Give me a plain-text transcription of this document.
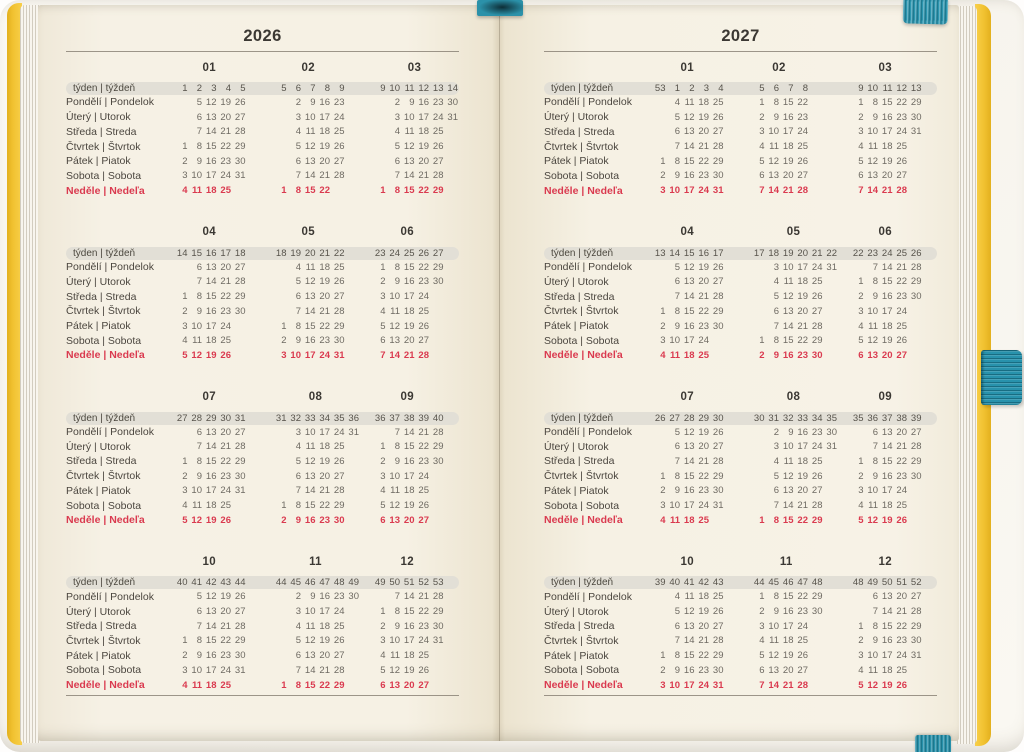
2026
01	02	03
týden | týždeň	1 2 3 4 5	5 6 7 8 9	9 10 11 12 13 14
Pondělí | Pondelok	5 12 19 26	2 9 16 23	2 9 16 23 30
Úterý | Utorok	6 13 20 27	3 10 17 24	3 10 17 24 31
Středa | Streda	7 14 21 28	4 11 18 25	4 11 18 25
Čtvrtek | Štvrtok	1 8 15 22 29	5 12 19 26	5 12 19 26
Pátek | Piatok	2 9 16 23 30	6 13 20 27	6 13 20 27
Sobota | Sobota	3 10 17 24 31	7 14 21 28	7 14 21 28
Neděle | Nedeľa	4 11 18 25	1 8 15 22	1 8 15 22 29
04	05	06
týden | týždeň	14 15 16 17 18	18 19 20 21 22	23 24 25 26 27
Pondělí | Pondelok	6 13 20 27	4 11 18 25	1 8 15 22 29
Úterý | Utorok	7 14 21 28	5 12 19 26	2 9 16 23 30
Středa | Streda	1 8 15 22 29	6 13 20 27	3 10 17 24
Čtvrtek | Štvrtok	2 9 16 23 30	7 14 21 28	4 11 18 25
Pátek | Piatok	3 10 17 24	1 8 15 22 29	5 12 19 26
Sobota | Sobota	4 11 18 25	2 9 16 23 30	6 13 20 27
Neděle | Nedeľa	5 12 19 26	3 10 17 24 31	7 14 21 28
07	08	09
týden | týždeň	27 28 29 30 31	31 32 33 34 35 36	36 37 38 39 40
Pondělí | Pondelok	6 13 20 27	3 10 17 24 31	7 14 21 28
Úterý | Utorok	7 14 21 28	4 11 18 25	1 8 15 22 29
Středa | Streda	1 8 15 22 29	5 12 19 26	2 9 16 23 30
Čtvrtek | Štvrtok	2 9 16 23 30	6 13 20 27	3 10 17 24
Pátek | Piatok	3 10 17 24 31	7 14 21 28	4 11 18 25
Sobota | Sobota	4 11 18 25	1 8 15 22 29	5 12 19 26
Neděle | Nedeľa	5 12 19 26	2 9 16 23 30	6 13 20 27
10	11	12
týden | týždeň	40 41 42 43 44	44 45 46 47 48 49	49 50 51 52 53
Pondělí | Pondelok	5 12 19 26	2 9 16 23 30	7 14 21 28
Úterý | Utorok	6 13 20 27	3 10 17 24	1 8 15 22 29
Středa | Streda	7 14 21 28	4 11 18 25	2 9 16 23 30
Čtvrtek | Štvrtok	1 8 15 22 29	5 12 19 26	3 10 17 24 31
Pátek | Piatok	2 9 16 23 30	6 13 20 27	4 11 18 25
Sobota | Sobota	3 10 17 24 31	7 14 21 28	5 12 19 26
Neděle | Nedeľa	4 11 18 25	1 8 15 22 29	6 13 20 27
2027
01	02	03
týden | týždeň	53 1 2 3 4	5 6 7 8	9 10 11 12 13
Pondělí | Pondelok	4 11 18 25	1 8 15 22	1 8 15 22 29
Úterý | Utorok	5 12 19 26	2 9 16 23	2 9 16 23 30
Středa | Streda	6 13 20 27	3 10 17 24	3 10 17 24 31
Čtvrtek | Štvrtok	7 14 21 28	4 11 18 25	4 11 18 25
Pátek | Piatok	1 8 15 22 29	5 12 19 26	5 12 19 26
Sobota | Sobota	2 9 16 23 30	6 13 20 27	6 13 20 27
Neděle | Nedeľa	3 10 17 24 31	7 14 21 28	7 14 21 28
04	05	06
týden | týždeň	13 14 15 16 17	17 18 19 20 21 22	22 23 24 25 26
Pondělí | Pondelok	5 12 19 26	3 10 17 24 31	7 14 21 28
Úterý | Utorok	6 13 20 27	4 11 18 25	1 8 15 22 29
Středa | Streda	7 14 21 28	5 12 19 26	2 9 16 23 30
Čtvrtek | Štvrtok	1 8 15 22 29	6 13 20 27	3 10 17 24
Pátek | Piatok	2 9 16 23 30	7 14 21 28	4 11 18 25
Sobota | Sobota	3 10 17 24	1 8 15 22 29	5 12 19 26
Neděle | Nedeľa	4 11 18 25	2 9 16 23 30	6 13 20 27
07	08	09
týden | týždeň	26 27 28 29 30	30 31 32 33 34 35	35 36 37 38 39
Pondělí | Pondelok	5 12 19 26	2 9 16 23 30	6 13 20 27
Úterý | Utorok	6 13 20 27	3 10 17 24 31	7 14 21 28
Středa | Streda	7 14 21 28	4 11 18 25	1 8 15 22 29
Čtvrtek | Štvrtok	1 8 15 22 29	5 12 19 26	2 9 16 23 30
Pátek | Piatok	2 9 16 23 30	6 13 20 27	3 10 17 24
Sobota | Sobota	3 10 17 24 31	7 14 21 28	4 11 18 25
Neděle | Nedeľa	4 11 18 25	1 8 15 22 29	5 12 19 26
10	11	12
týden | týždeň	39 40 41 42 43	44 45 46 47 48	48 49 50 51 52
Pondělí | Pondelok	4 11 18 25	1 8 15 22 29	6 13 20 27
Úterý | Utorok	5 12 19 26	2 9 16 23 30	7 14 21 28
Středa | Streda	6 13 20 27	3 10 17 24	1 8 15 22 29
Čtvrtek | Štvrtok	7 14 21 28	4 11 18 25	2 9 16 23 30
Pátek | Piatok	1 8 15 22 29	5 12 19 26	3 10 17 24 31
Sobota | Sobota	2 9 16 23 30	6 13 20 27	4 11 18 25
Neděle | Nedeľa	3 10 17 24 31	7 14 21 28	5 12 19 26
